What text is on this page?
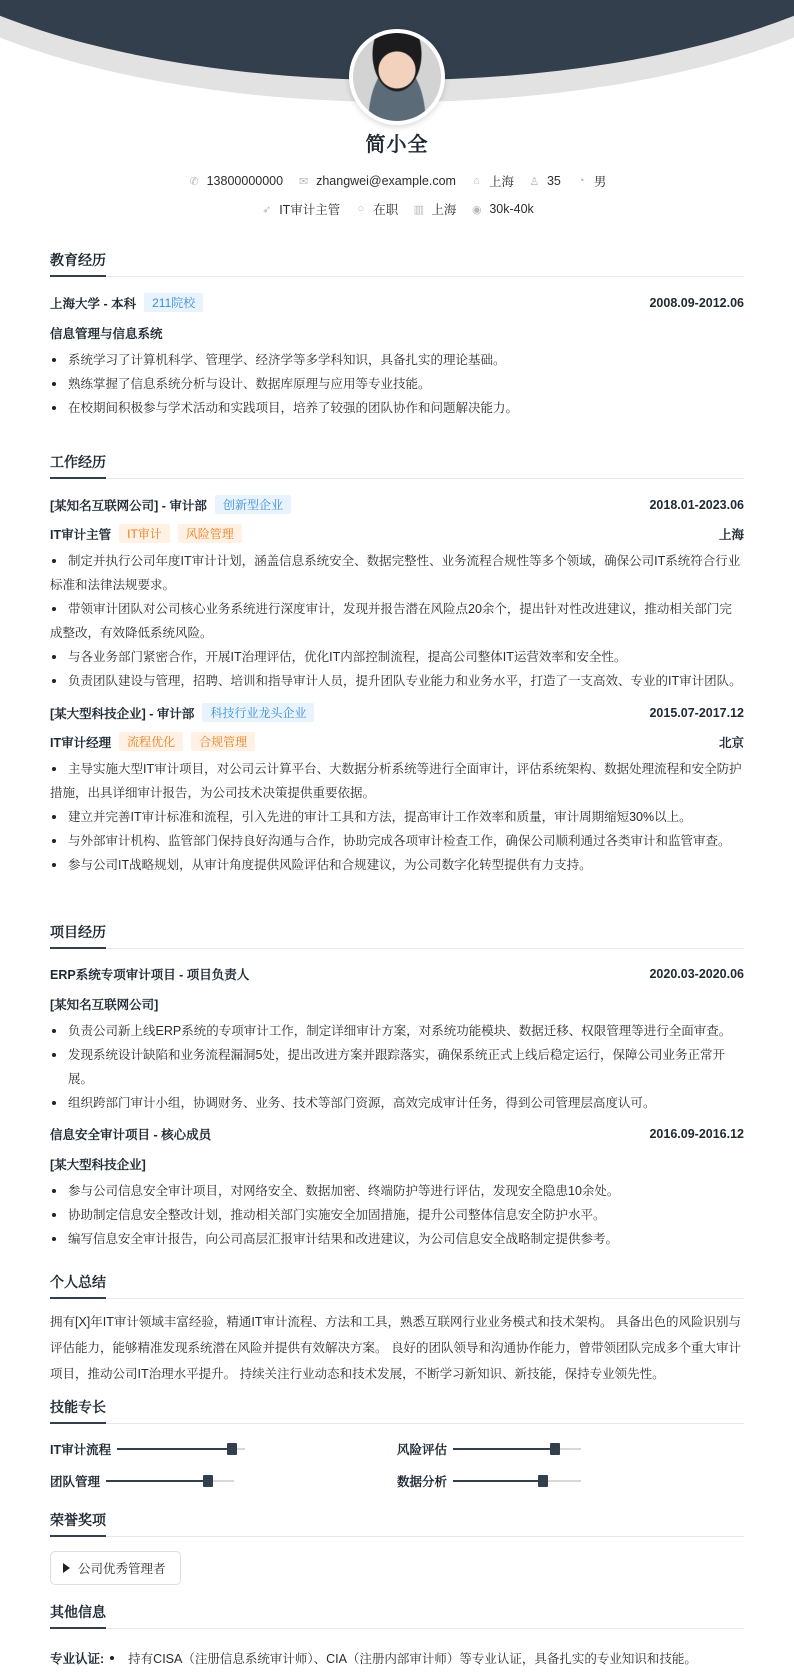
简小全
✆ 13800000000 ✉ zhangwei@example.com ⌂ 上海 ♙ 35 ◔ 男
➶ IT审计主管 ○ 在职 ▥ 上海 ◉ 30k-40k
教育经历
上海大学 - 本科	211院校	2008.09-2012.06
信息管理与信息系统
系统学习了计算机科学、管理学、经济学等多学科知识，具备扎实的理论基础。
熟练掌握了信息系统分析与设计、数据库原理与应用等专业技能。
在校期间积极参与学术活动和实践项目，培养了较强的团队协作和问题解决能力。
工作经历
[某知名互联网公司] - 审计部	创新型企业	2018.01-2023.06
IT审计主管	IT审计	风险管理	上海
制定并执行公司年度IT审计计划，涵盖信息系统安全、数据完整性、业务流程合规性等多个领域，确保公司IT系统符合行业标准和法律法规要求。
带领审计团队对公司核心业务系统进行深度审计，发现并报告潜在风险点20余个，提出针对性改进建议，推动相关部门完成整改，有效降低系统风险。
与各业务部门紧密合作，开展IT治理评估，优化IT内部控制流程，提高公司整体IT运营效率和安全性。
负责团队建设与管理，招聘、培训和指导审计人员，提升团队专业能力和业务水平，打造了一支高效、专业的IT审计团队。
[某大型科技企业] - 审计部	科技行业龙头企业	2015.07-2017.12
IT审计经理	流程优化	合规管理	北京
主导实施大型IT审计项目，对公司云计算平台、大数据分析系统等进行全面审计，评估系统架构、数据处理流程和安全防护措施，出具详细审计报告，为公司技术决策提供重要依据。
建立并完善IT审计标准和流程，引入先进的审计工具和方法，提高审计工作效率和质量，审计周期缩短30%以上。
与外部审计机构、监管部门保持良好沟通与合作，协助完成各项审计检查工作，确保公司顺利通过各类审计和监管审查。
参与公司IT战略规划，从审计角度提供风险评估和合规建议，为公司数字化转型提供有力支持。
项目经历
ERP系统专项审计项目 - 项目负责人	2020.03-2020.06
[某知名互联网公司]
负责公司新上线ERP系统的专项审计工作，制定详细审计方案，对系统功能模块、数据迁移、权限管理等进行全面审查。
发现系统设计缺陷和业务流程漏洞5处，提出改进方案并跟踪落实，确保系统正式上线后稳定运行，保障公司业务正常开展。
组织跨部门审计小组，协调财务、业务、技术等部门资源，高效完成审计任务，得到公司管理层高度认可。
信息安全审计项目 - 核心成员	2016.09-2016.12
[某大型科技企业]
参与公司信息安全审计项目，对网络安全、数据加密、终端防护等进行评估，发现安全隐患10余处。
协助制定信息安全整改计划，推动相关部门实施安全加固措施，提升公司整体信息安全防护水平。
编写信息安全审计报告，向公司高层汇报审计结果和改进建议，为公司信息安全战略制定提供参考。
个人总结

拥有[X]年IT审计领域丰富经验，精通IT审计流程、方法和工具，熟悉互联网行业业务模式和技术架构。 具备出色的风险识别与评估能力，能够精准发现系统潜在风险并提供有效解决方案。 良好的团队领导和沟通协作能力，曾带领团队完成多个重大审计项目，推动公司IT治理水平提升。 持续关注行业动态和技术发展，不断学习新知识、新技能，保持专业领先性。

技能专长
IT审计流程	风险评估
团队管理	数据分析
荣誉奖项
公司优秀管理者
其他信息
专业认证: 持有CISA（注册信息系统审计师）、CIA（注册内部审计师）等专业认证，具备扎实的专业知识和技能。
